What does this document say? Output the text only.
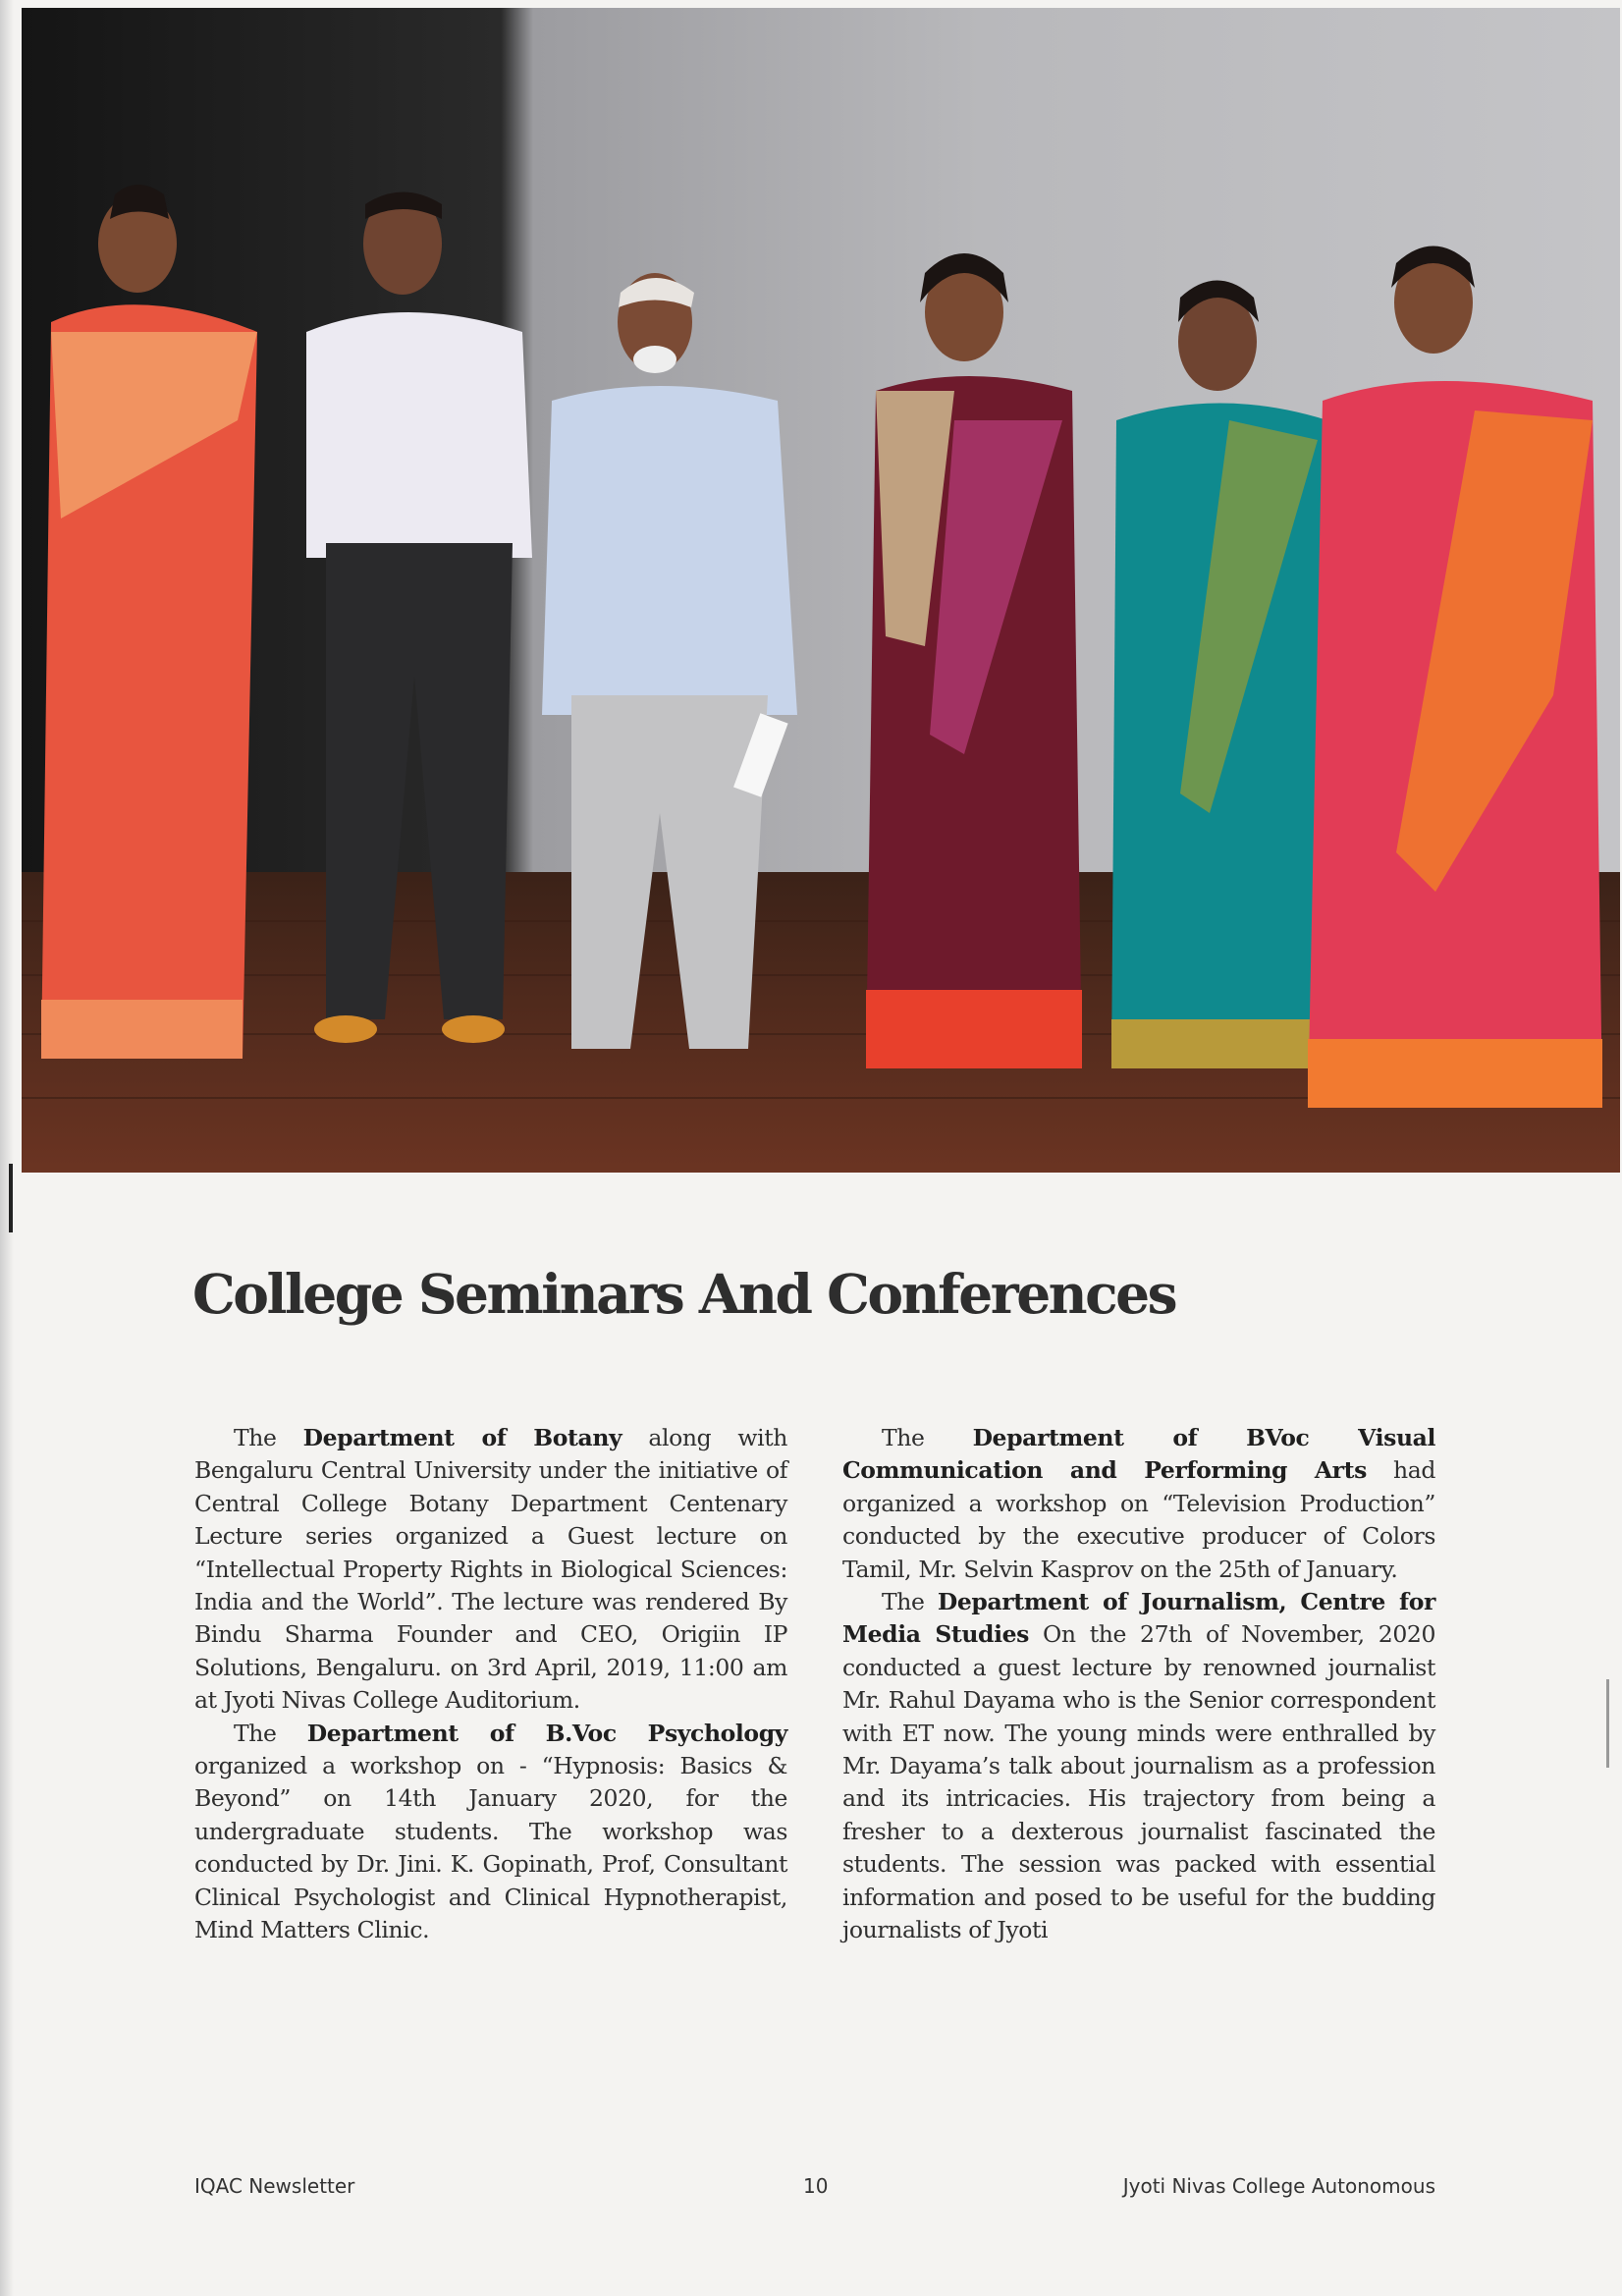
College Seminars And Conferences

The Department of Botany along with Bengaluru Central University under the initiative of Central College Botany Department Centenary Lecture series organized a Guest lecture on “Intellectual Property Rights in Biological Sciences: India and the World”. The lecture was rendered By Bindu Sharma Founder and CEO, Origiin IP Solutions, Bengaluru. on 3rd April, 2019, 11:00 am at Jyoti Nivas College Auditorium.

The Department of B.Voc Psychology organized a workshop on - “Hypnosis: Basics & Beyond” on 14th January 2020, for the undergraduate students. The workshop was conducted by Dr. Jini. K. Gopinath, Prof, Consultant Clinical Psychologist and Clinical Hypnotherapist, Mind Matters Clinic.

The Department of BVoc Visual Communication and Performing Arts had organized a workshop on “Television Production” conducted by the executive producer of Colors Tamil, Mr. Selvin Kasprov on the 25th of January.

The Department of Journalism, Centre for Media Studies On the 27th of November, 2020 conducted a guest lecture by renowned journalist Mr. Rahul Dayama who is the Senior correspondent with ET now. The young minds were enthralled by Mr. Dayama’s talk about journalism as a profession and its intricacies. His trajectory from being a fresher to a dexterous journalist fascinated the students. The session was packed with essential information and posed to be useful for the budding journalists of Jyoti

IQAC Newsletter	10	Jyoti Nivas College Autonomous
